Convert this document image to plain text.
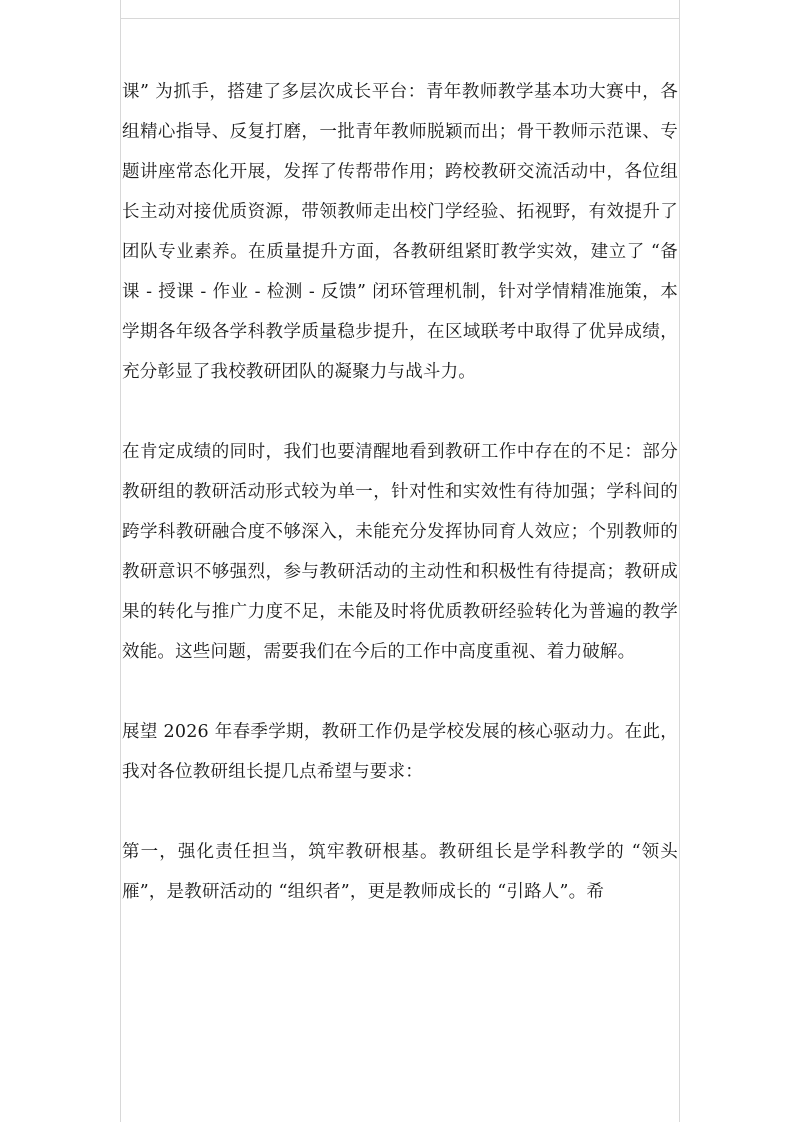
课” 为抓手，搭建了多层次成长平台：青年教师教学基本功大赛中，各组精心指导、反复打磨，一批青年教师脱颖而出；骨干教师示范课、专题讲座常态化开展，发挥了传帮带作用；跨校教研交流活动中，各位组长主动对接优质资源，带领教师走出校门学经验、拓视野，有效提升了团队专业素养。在质量提升方面，各教研组紧盯教学实效，建立了 “备课 - 授课 - 作业 - 检测 - 反馈” 闭环管理机制，针对学情精准施策，本学期各年级各学科教学质量稳步提升，在区域联考中取得了优异成绩，充分彰显了我校教研团队的凝聚力与战斗力。

在肯定成绩的同时，我们也要清醒地看到教研工作中存在的不足：部分教研组的教研活动形式较为单一，针对性和实效性有待加强；学科间的跨学科教研融合度不够深入，未能充分发挥协同育人效应；个别教师的教研意识不够强烈，参与教研活动的主动性和积极性有待提高；教研成果的转化与推广力度不足，未能及时将优质教研经验转化为普遍的教学效能。这些问题，需要我们在今后的工作中高度重视、着力破解。

展望 2026 年春季学期，教研工作仍是学校发展的核心驱动力。在此，我对各位教研组长提几点希望与要求：

第一，强化责任担当，筑牢教研根基。教研组长是学科教学的 “领头雁”，是教研活动的 “组织者”，更是教师成长的 “引路人”。希
